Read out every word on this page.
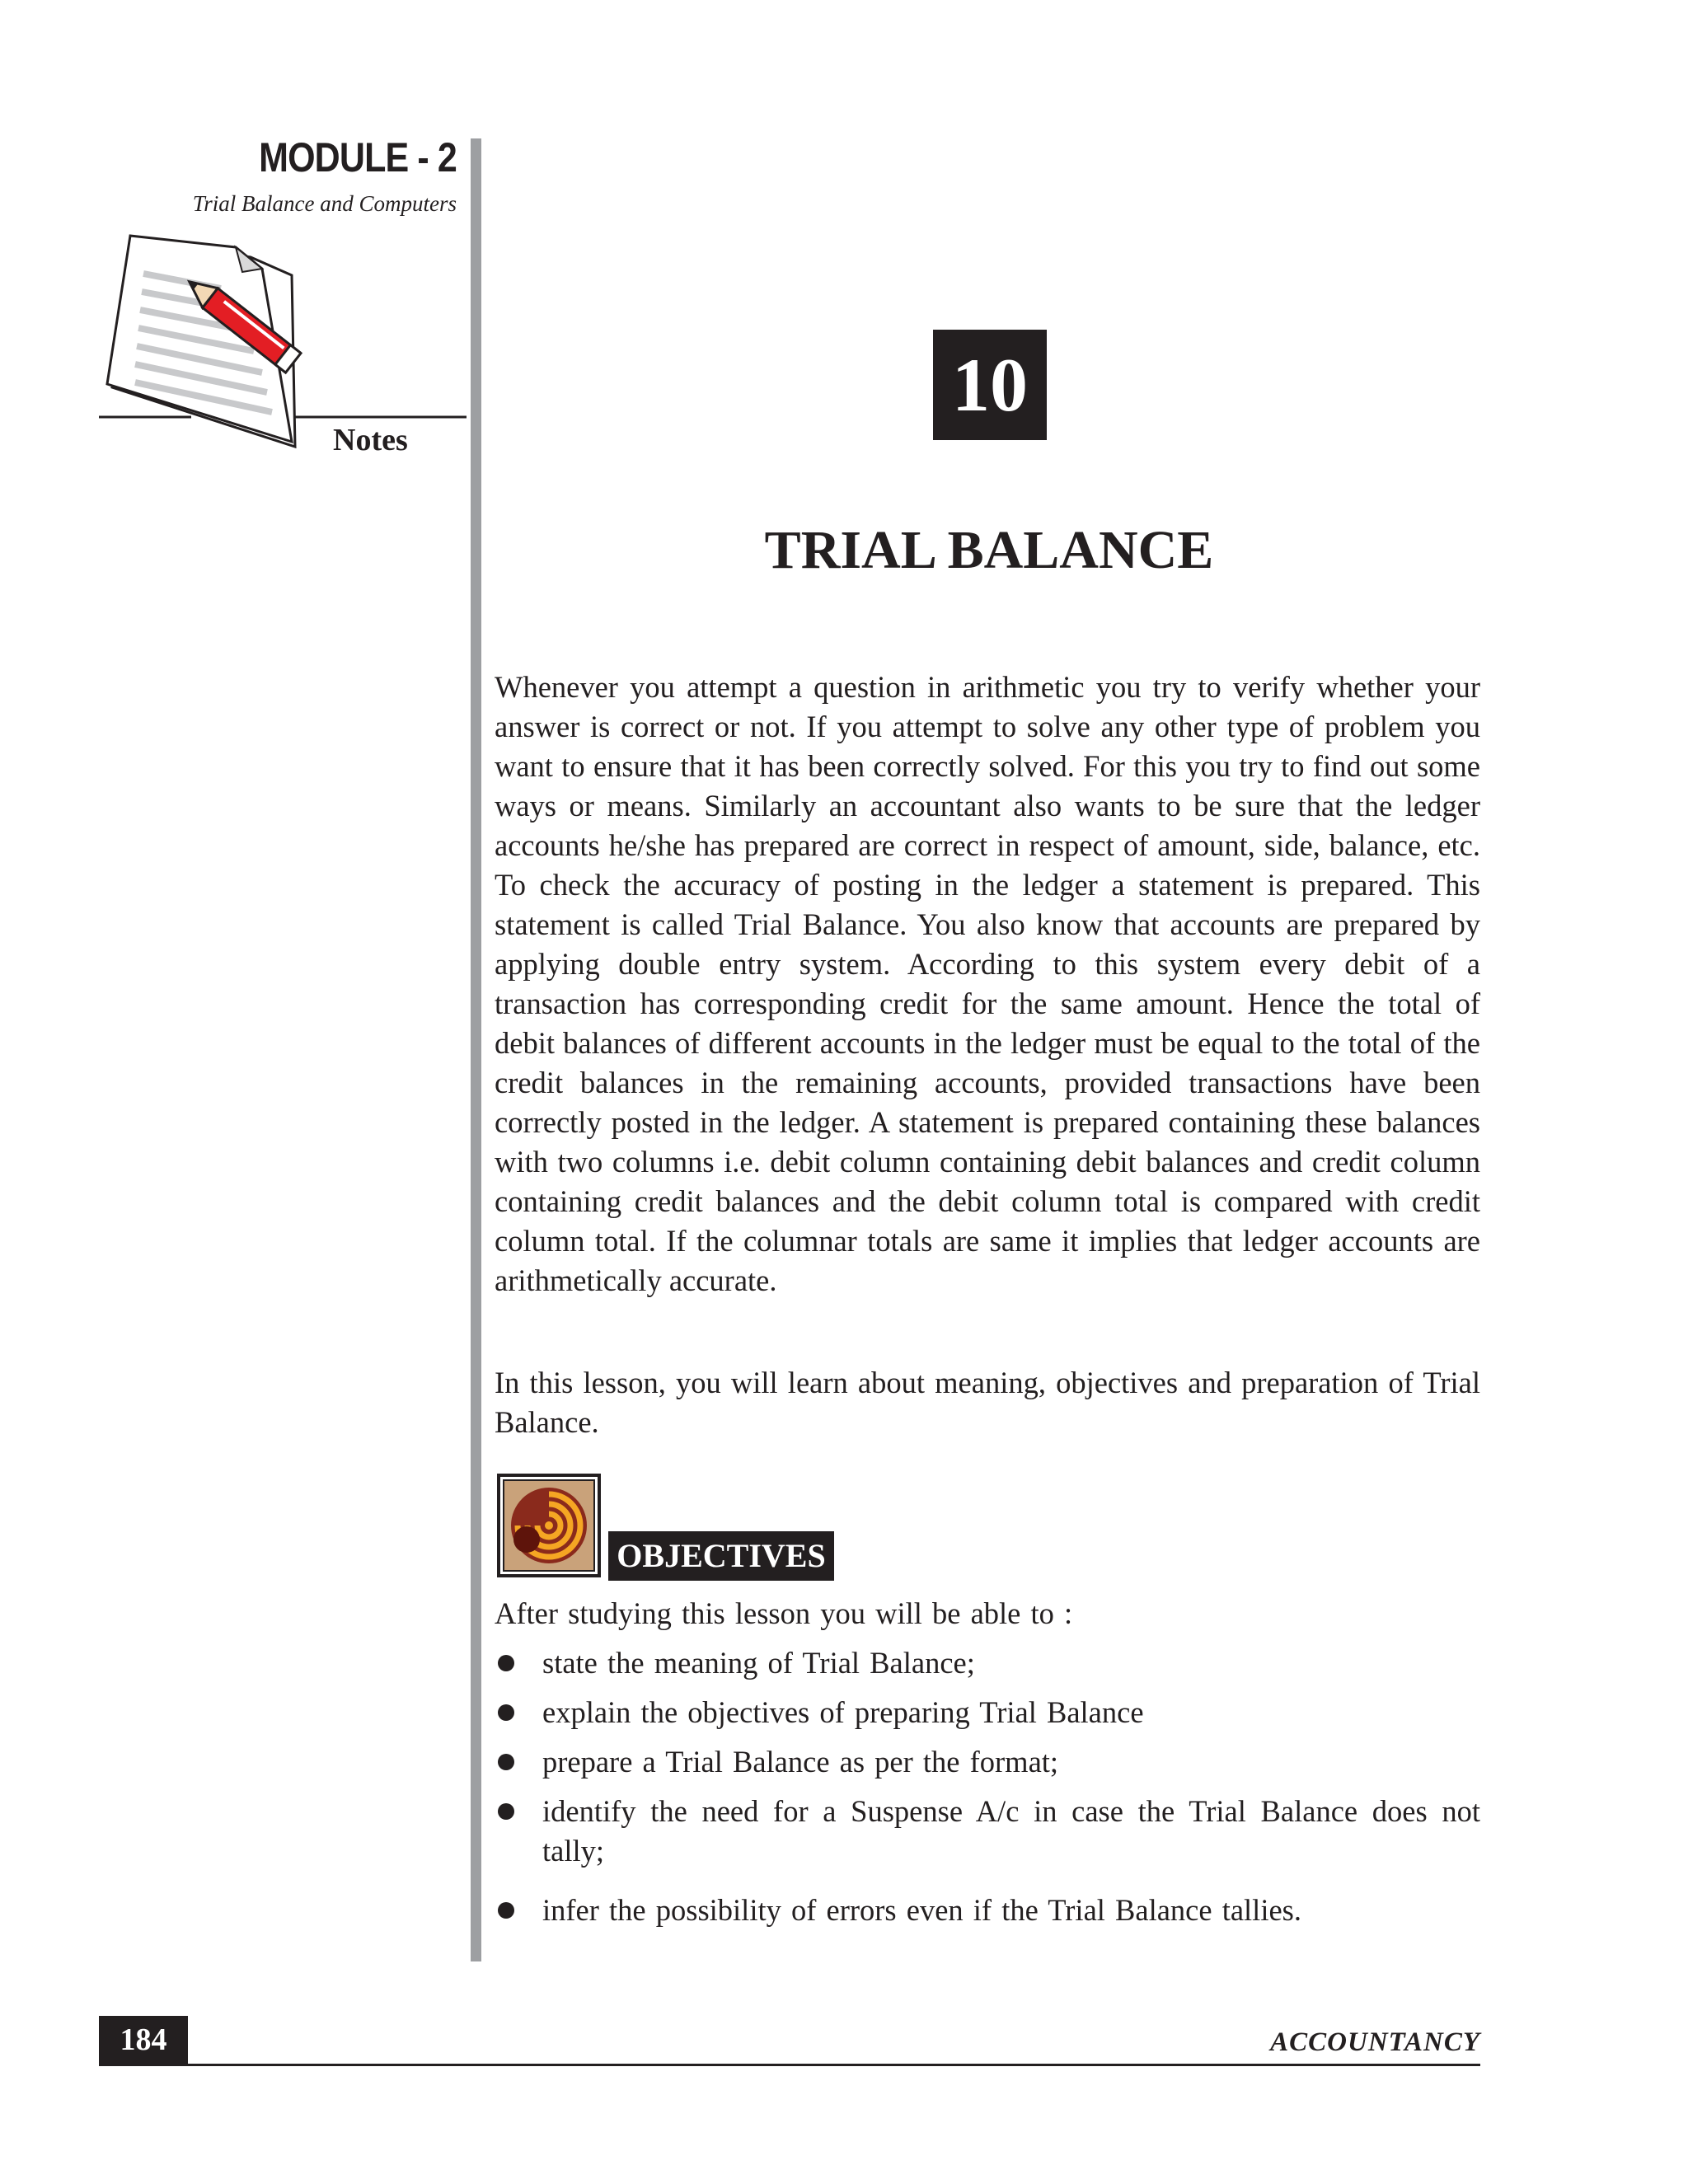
MODULE - 2
Trial Balance and Computers
Notes
10
TRIAL BALANCE

Whenever you attempt a question in arithmetic you try to verify whether your answer is correct or not. If you attempt to solve any other type of problem you want to ensure that it has been correctly solved. For this you try to find out some ways or means. Similarly an accountant also wants to be sure that the ledger accounts he/she has prepared are correct in respect of amount, side, balance, etc. To check the accuracy of posting in the ledger a statement is prepared. This statement is called Trial Balance. You also know that accounts are prepared by applying double entry system. According to this system every debit of a transaction has corresponding credit for the same amount. Hence the total of debit balances of different accounts in the ledger must be equal to the total of the credit balances in the remaining accounts, provided transactions have been correctly posted in the ledger. A statement is prepared containing these balances with two columns i.e. debit column containing debit balances and credit column containing credit balances and the debit column total is compared with credit column total. If the columnar totals are same it implies that ledger accounts are arithmetically accurate.

In this lesson, you will learn about meaning, objectives and preparation of Trial Balance.

OBJECTIVES

After studying this lesson you will be able to :

state the meaning of Trial Balance;
explain the objectives of preparing Trial Balance
prepare a Trial Balance as per the format;
identify the need for a Suspense A/c in case the Trial Balance does not tally;
infer the possibility of errors even if the Trial Balance tallies.
184	ACCOUNTANCY
